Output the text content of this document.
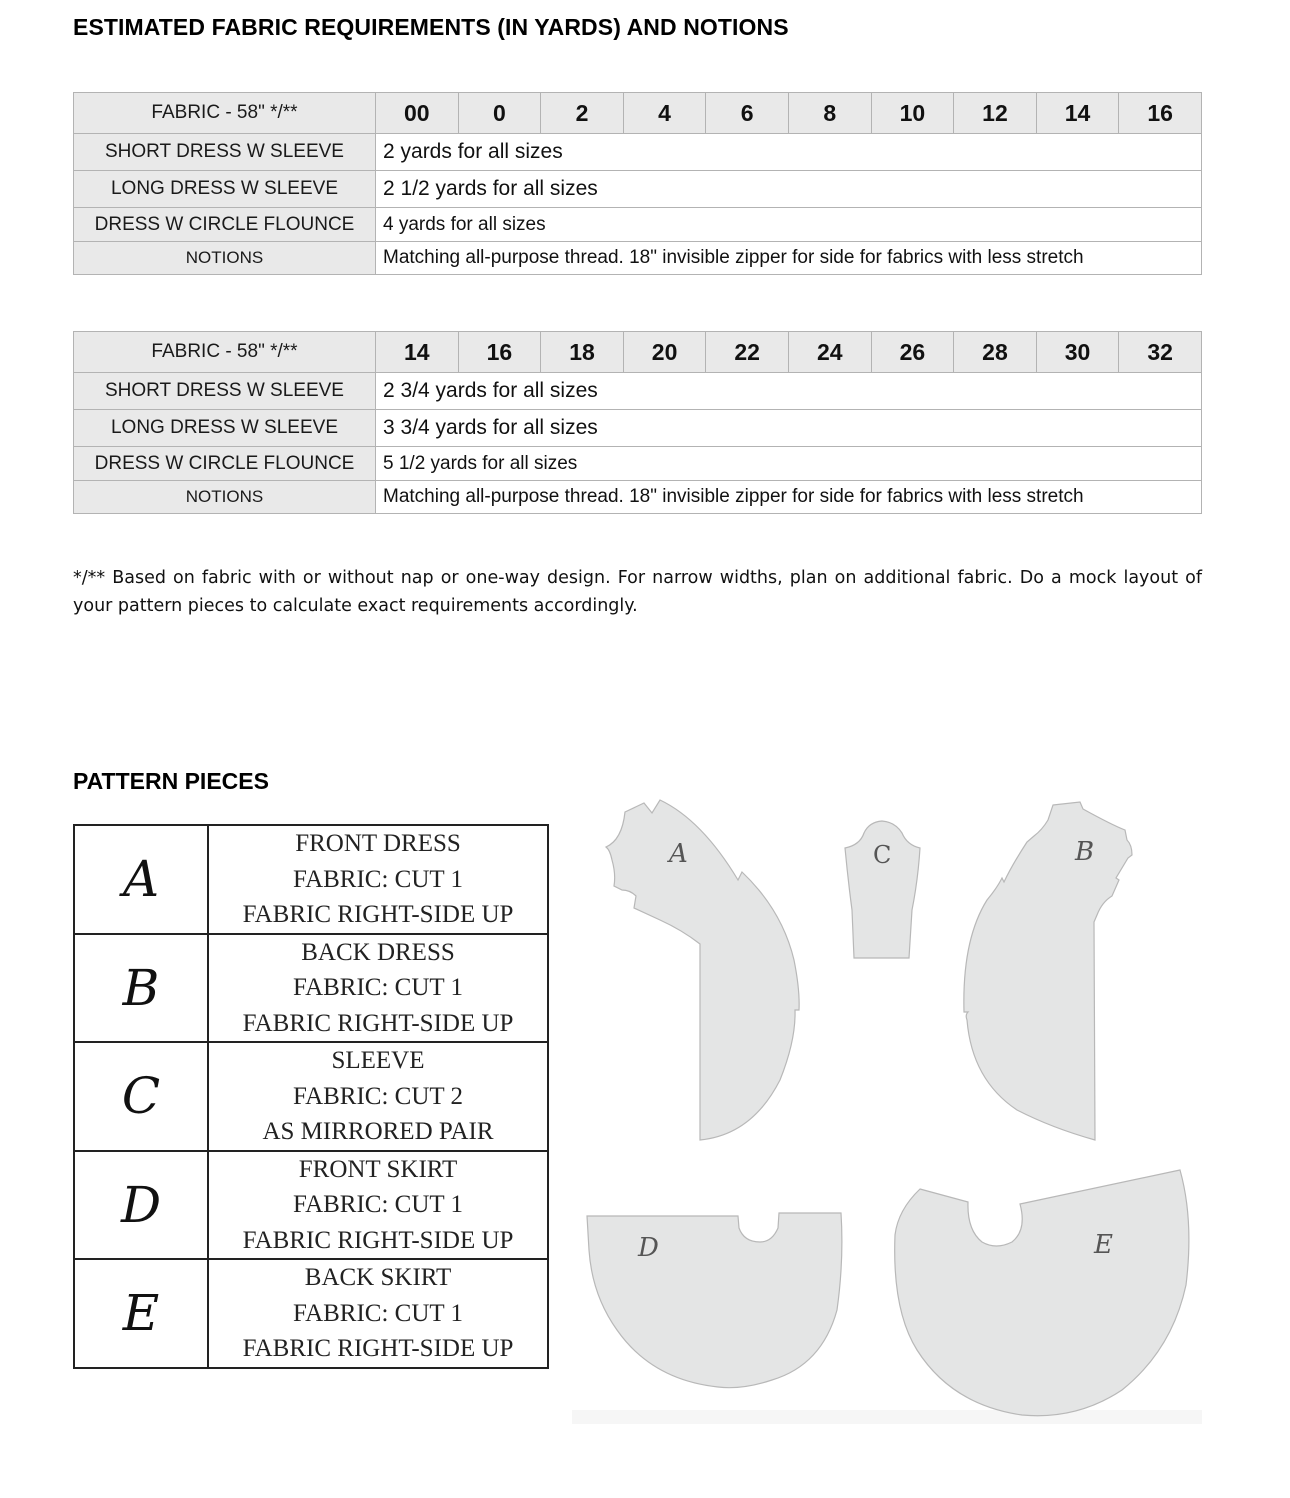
ESTIMATED FABRIC REQUIREMENTS (IN YARDS) AND NOTIONS
FABRIC - 58" */**	00	0	2	4	6	8	10	12	14	16
SHORT DRESS W SLEEVE	2 yards for all sizes									
LONG DRESS W SLEEVE	2 1/2 yards for all sizes									
DRESS W CIRCLE FLOUNCE	4 yards for all sizes									
NOTIONS	Matching all-purpose thread. 18" invisible zipper for side for fabrics with less stretch									
FABRIC - 58" */**	14	16	18	20	22	24	26	28	30	32
SHORT DRESS W SLEEVE	2 3/4 yards for all sizes									
LONG DRESS W SLEEVE	3 3/4 yards for all sizes									
DRESS W CIRCLE FLOUNCE	5 1/2 yards for all sizes									
NOTIONS	Matching all-purpose thread. 18" invisible zipper for side for fabrics with less stretch									
*/** Based on fabric with or without nap or one-way design. For narrow widths, plan on additional fabric. Do a mock layout of your pattern pieces to calculate exact requirements accordingly.
PATTERN PIECES
A	FRONT DRESS
FABRIC: CUT 1
FABRIC RIGHT-SIDE UP

B	BACK DRESS
FABRIC: CUT 1
FABRIC RIGHT-SIDE UP

C	SLEEVE
FABRIC: CUT 2
AS MIRRORED PAIR

D	FRONT SKIRT
FABRIC: CUT 1
FABRIC RIGHT-SIDE UP

E	BACK SKIRT
FABRIC: CUT 1
FABRIC RIGHT-SIDE UP
A	C	B
D	E
